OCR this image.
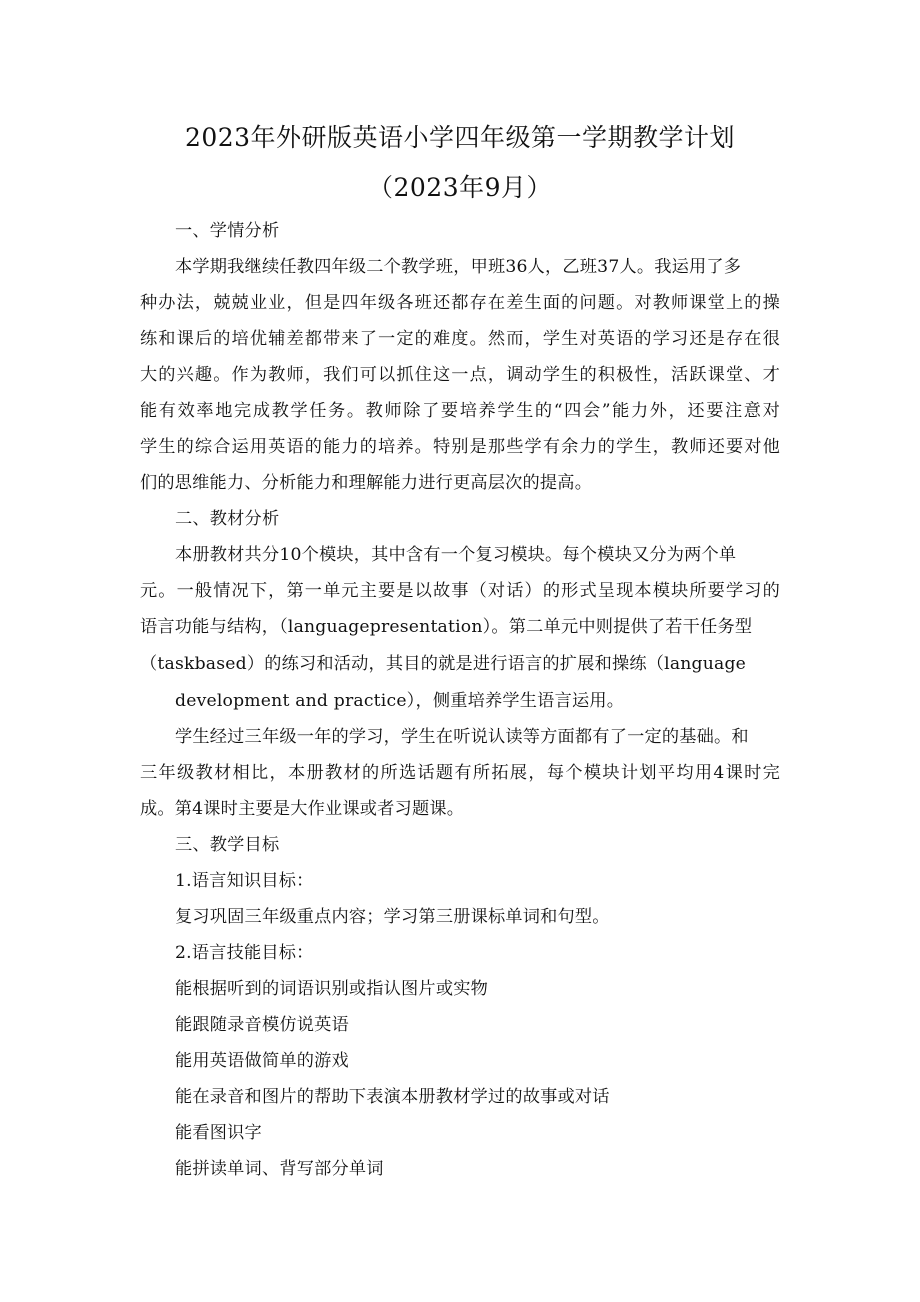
2023年外研版英语小学四年级第一学期教学计划
（2023年9月）
一、学情分析
本学期我继续任教四年级二个教学班，甲班36人，乙班37人。我运用了多
种办法，兢兢业业，但是四年级各班还都存在差生面的问题。对教师课堂上的操
练和课后的培优辅差都带来了一定的难度。然而，学生对英语的学习还是存在很
大的兴趣。作为教师，我们可以抓住这一点，调动学生的积极性，活跃课堂、才
能有效率地完成教学任务。教师除了要培养学生的“四会”能力外，还要注意对
学生的综合运用英语的能力的培养。特别是那些学有余力的学生，教师还要对他
们的思维能力、分析能力和理解能力进行更高层次的提高。
二、教材分析
本册教材共分10个模块，其中含有一个复习模块。每个模块又分为两个单
元。一般情况下，第一单元主要是以故事（对话）的形式呈现本模块所要学习的
语言功能与结构，（languagepresentation）。第二单元中则提供了若干任务型
（taskbased）的练习和活动，其目的就是进行语言的扩展和操练（language
development and practice），侧重培养学生语言运用。
学生经过三年级一年的学习，学生在听说认读等方面都有了一定的基础。和
三年级教材相比，本册教材的所选话题有所拓展，每个模块计划平均用4课时完
成。第4课时主要是大作业课或者习题课。
三、教学目标
1.语言知识目标：
复习巩固三年级重点内容；学习第三册课标单词和句型。
2.语言技能目标：
能根据听到的词语识别或指认图片或实物
能跟随录音模仿说英语
能用英语做简单的游戏
能在录音和图片的帮助下表演本册教材学过的故事或对话
能看图识字
能拼读单词、背写部分单词
